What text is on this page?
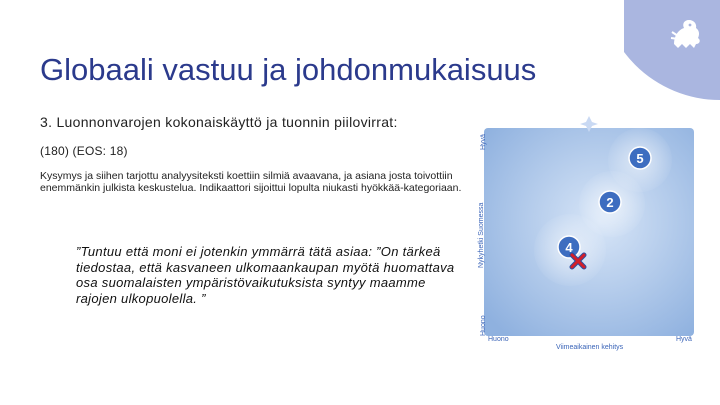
Globaali vastuu ja johdonmukaisuus
3. Luonnonvarojen kokonaiskäyttö ja tuonnin piilovirrat:
(180) (EOS: 18)
Kysymys ja siihen tarjottu analyysiteksti koettiin silmiä avaavana, ja asiana josta toivottiin enemmänkin julkista keskustelua. Indikaattori sijoittui lopulta niukasti hyökkää-kategoriaan.
”Tuntuu että moni ei jotenkin ymmärrä tätä asiaa: ”On tärkeä tiedostaa, että kasvaneen ulkomaankaupan myötä huomattava osa suomalaisten ympäristövaikutuksista syntyy maamme rajojen ulkopuolella. ”
5
2
4
Hyvä
Nykyhetki Suomessa
Huono
Huono
Viimeaikainen kehitys
Hyvä
